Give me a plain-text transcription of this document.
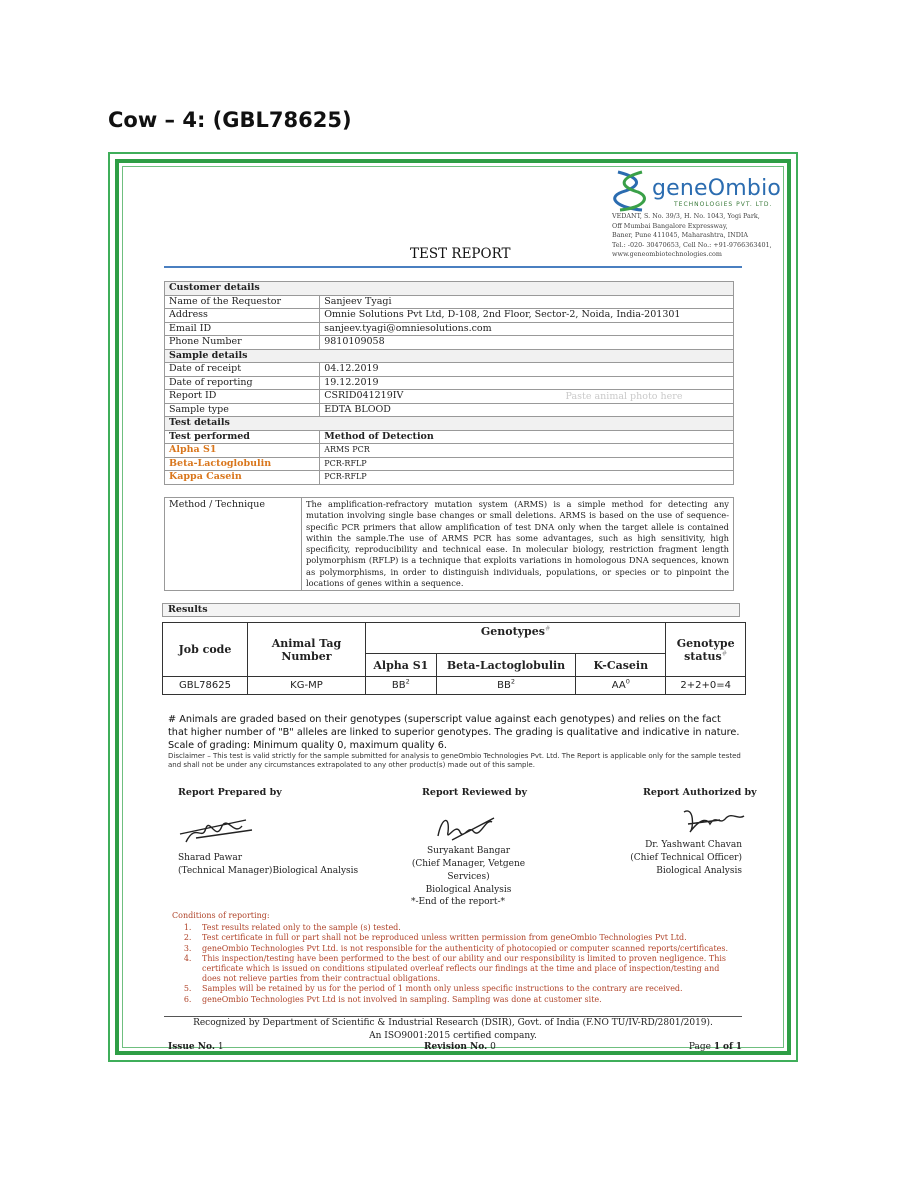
Cow – 4: (GBL78625)
geneOmbio
TECHNOLOGIES PVT. LTD.
VEDANT, S. No. 39/3, H. No. 1043, Yogi Park,
Off Mumbai Bangalore Expressway,
Baner, Pune 411045, Maharashtra, INDIA
Tel.: -020- 30470653, Cell No.: +91-9766363401,
www.geneombiotechnologies.com
TEST REPORT
Customer details	
Name of the Requestor	Sanjeev Tyagi
Address	Omnie Solutions Pvt Ltd, D-108, 2nd Floor, Sector-2, Noida, India-201301
Email ID	sanjeev.tyagi@omniesolutions.com
Phone Number	9810109058
Sample details	
Date of receipt	04.12.2019
Date of reporting	19.12.2019
Report ID	CSRID041219IV
Sample type	EDTA BLOOD
Test details	
Test performed	Method of Detection
Alpha S1	ARMS PCR
Beta-Lactoglobulin	PCR-RFLP
Kappa Casein	PCR-RFLP
Paste animal photo here
Method / Technique	The amplification-refractory mutation system (ARMS) is a simple method for detecting any mutation involving single base changes or small deletions. ARMS is based on the use of sequence-specific PCR primers that allow amplification of test DNA only when the target allele is contained within the sample.The use of ARMS PCR has some advantages, such as high sensitivity, high specificity, reproducibility and technical ease. In molecular biology, restriction fragment length polymorphism (RFLP) is a technique that exploits variations in homologous DNA sequences, known as polymorphisms, in order to distinguish individuals, populations, or species or to pinpoint the locations of genes within a sequence.
Results
Job code	Animal Tag Number	Genotypes#			Genotype status#
		Alpha S1	Beta-Lactoglobulin	K-Casein	
GBL78625	KG-MP	$BB^2$	$BB^2$	$AA^0$	2+2+0=4
# Animals are graded based on their genotypes (superscript value against each genotypes) and relies on the fact that higher number of "B" alleles are linked to superior genotypes. The grading is qualitative and indicative in nature. Scale of grading: Minimum quality 0, maximum quality 6.
Disclaimer – This test is valid strictly for the sample submitted for analysis to geneOmbio Technologies Pvt. Ltd. The Report is applicable only for the sample tested and shall not be under any circumstances extrapolated to any other product(s) made out of this sample.
Report Prepared by	Report Reviewed by	Report Authorized by
Sharad Pawar
(Technical Manager)Biological Analysis
Suryakant Bangar
(Chief Manager, Vetgene Services)
Biological Analysis
Dr. Yashwant Chavan
(Chief Technical Officer)
Biological Analysis
*-End of the report-*
Conditions of reporting:
1. Test results related only to the sample (s) tested.
2. Test certificate in full or part shall not be reproduced unless written permission from geneOmbio Technologies Pvt Ltd.
3. geneOmbio Technologies Pvt Ltd. is not responsible for the authenticity of photocopied or computer scanned reports/certificates.
4. This inspection/testing have been performed to the best of our ability and our responsibility is limited to proven negligence. This certificate which is issued on conditions stipulated overleaf reflects our findings at the time and place of inspection/testing and does not relieve parties from their contractual obligations.
5. Samples will be retained by us for the period of 1 month only unless specific instructions to the contrary are received.
6. geneOmbio Technologies Pvt Ltd is not involved in sampling. Sampling was done at customer site.
Recognized by Department of Scientific & Industrial Research (DSIR), Govt. of India (F.NO TU/IV-RD/2801/2019).
An ISO9001:2015 certified company.
Issue No. 1	Revision No. 0	Page 1 of 1
